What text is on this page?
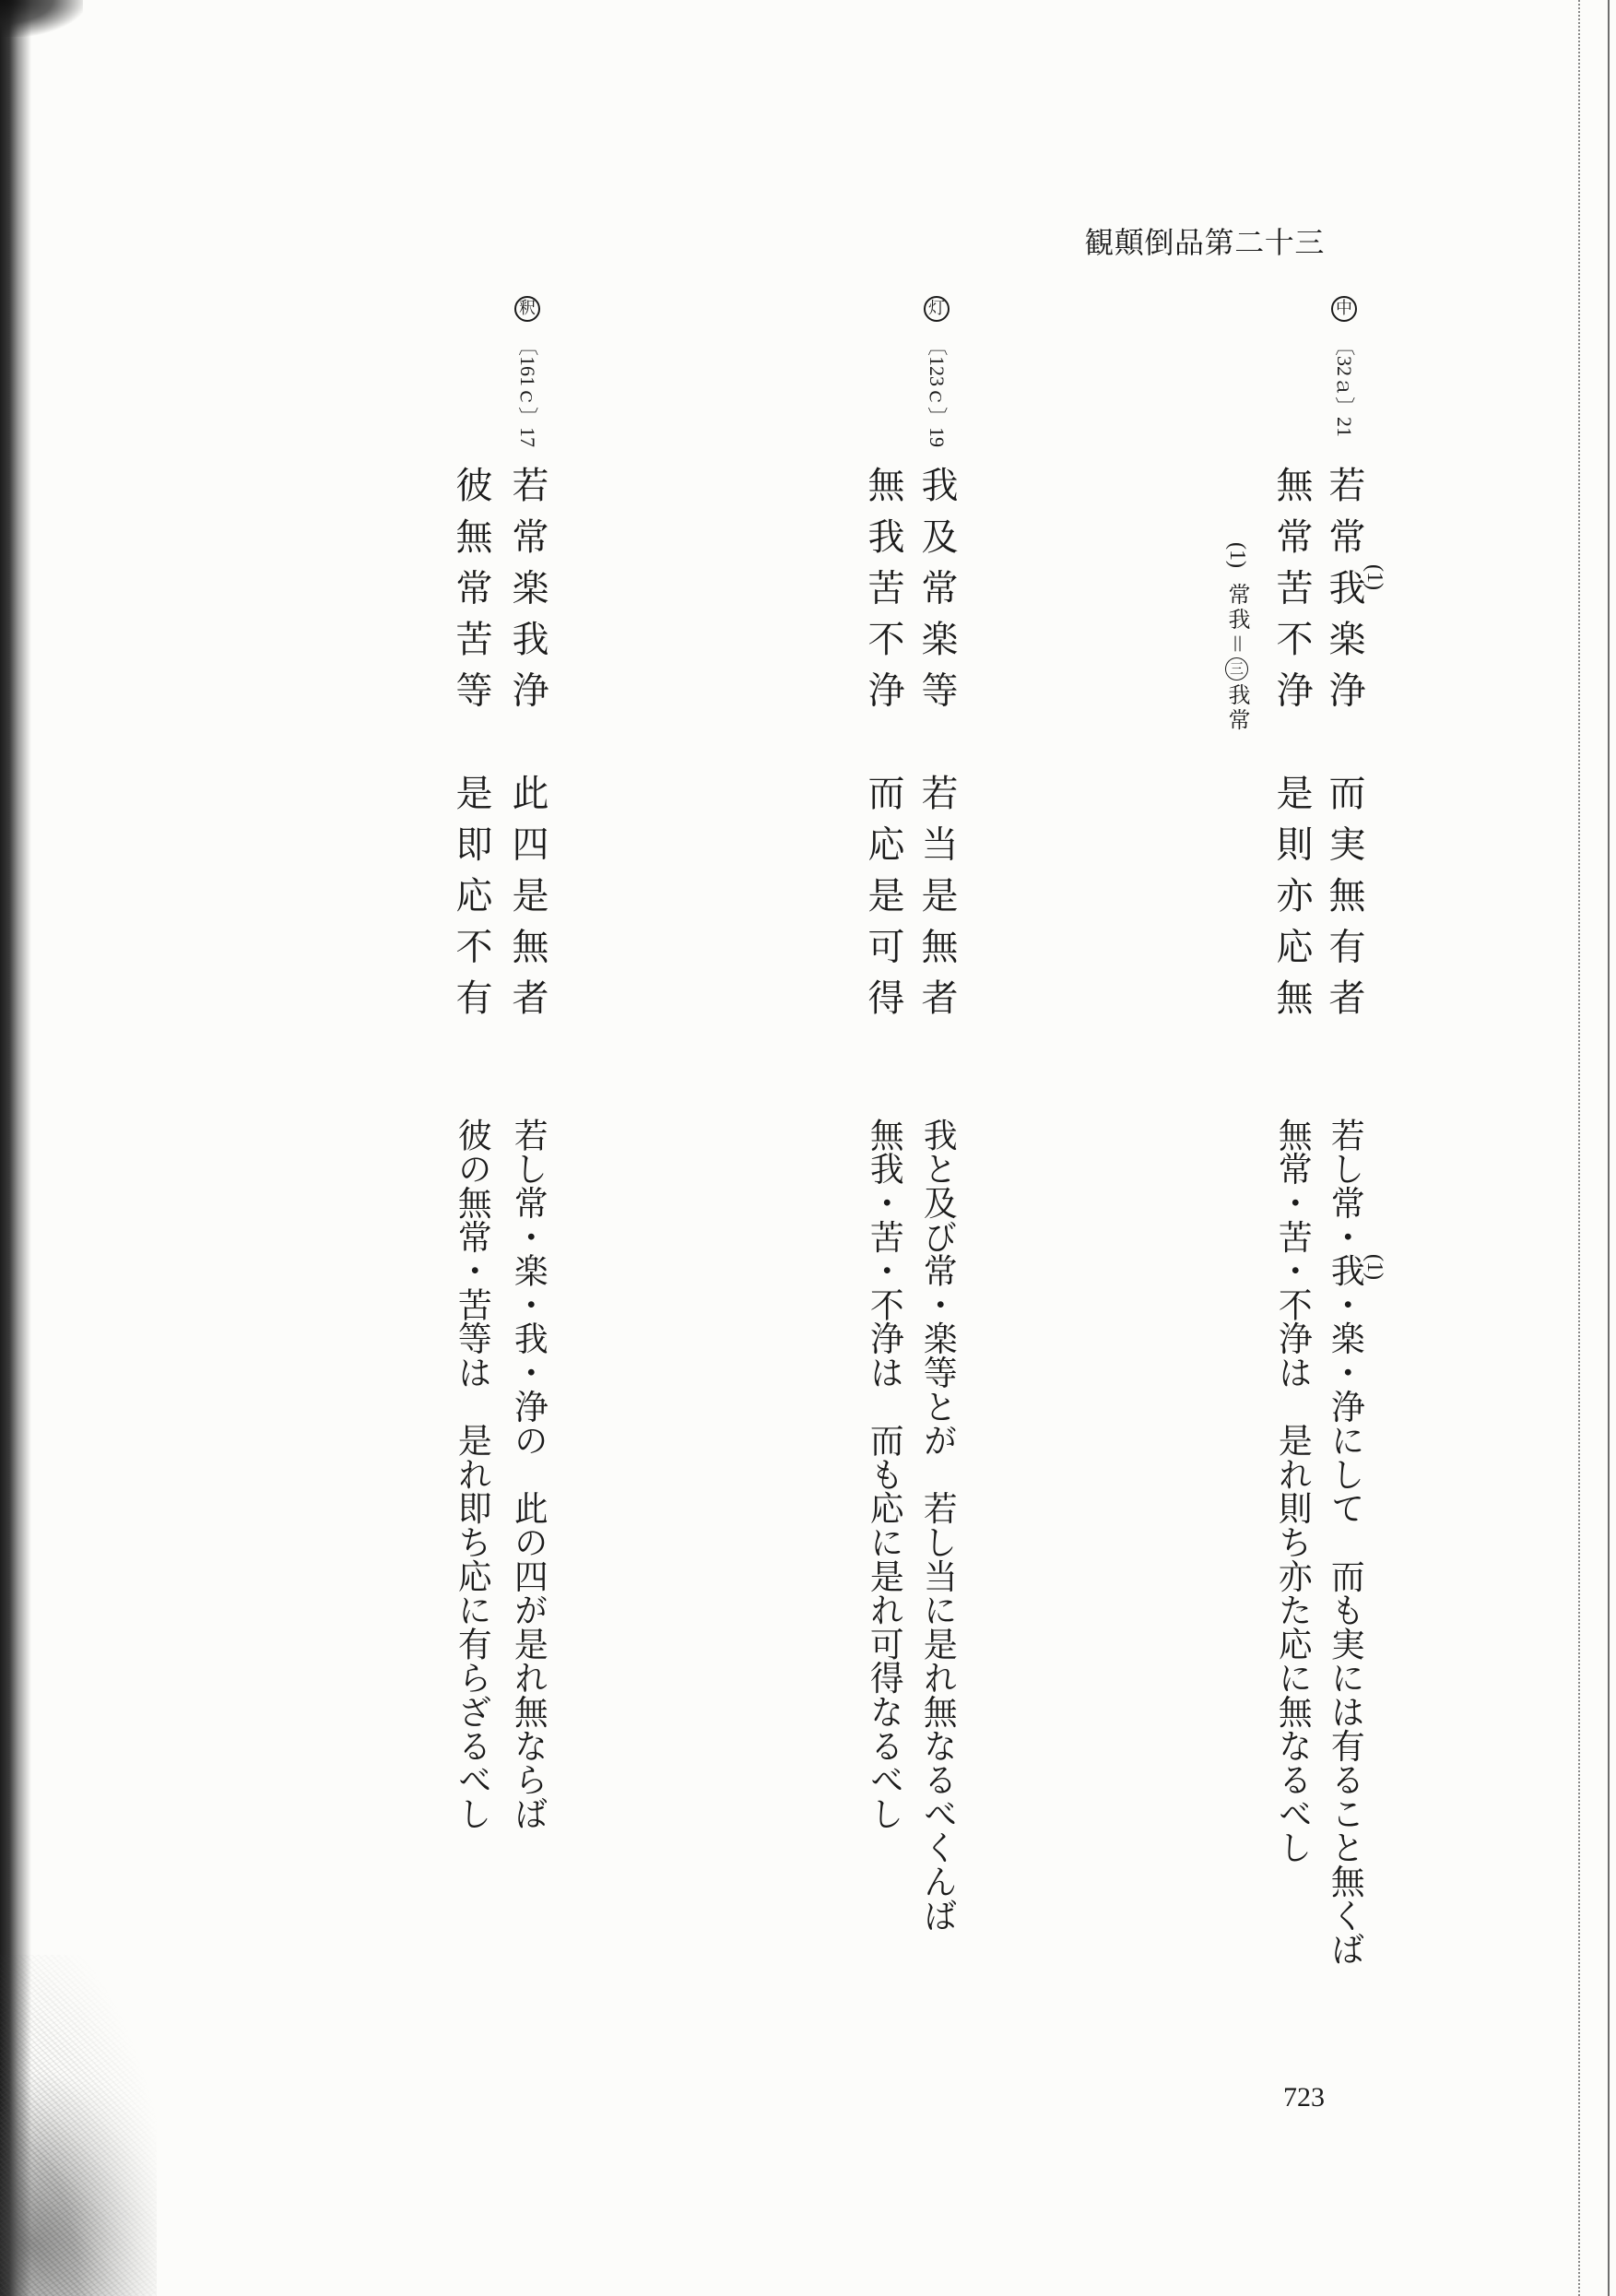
観顛倒品第二十三
中
〔32ａ〕21
若常我楽浄　而実無有者
無常苦不浄　是則亦応無 (1)
若し常・我・楽・浄にして　而も実には有ること無くば
無常・苦・不浄は　是れ則ち亦た応に無なるべし (1)
(1)
常我＝
三
我常
灯
〔123ｃ〕19
我及常楽等　若当是無者
無我苦不浄　而応是可得
我と及び常・楽等とが　若し当に是れ無なるべくんば
無我・苦・不浄は　而も応に是れ可得なるべし
釈
〔161ｃ〕17
若常楽我浄　此四是無者
彼無常苦等　是即応不有
若し常・楽・我・浄の　此の四が是れ無ならば
彼の無常・苦等は　是れ即ち応に有らざるべし
723
